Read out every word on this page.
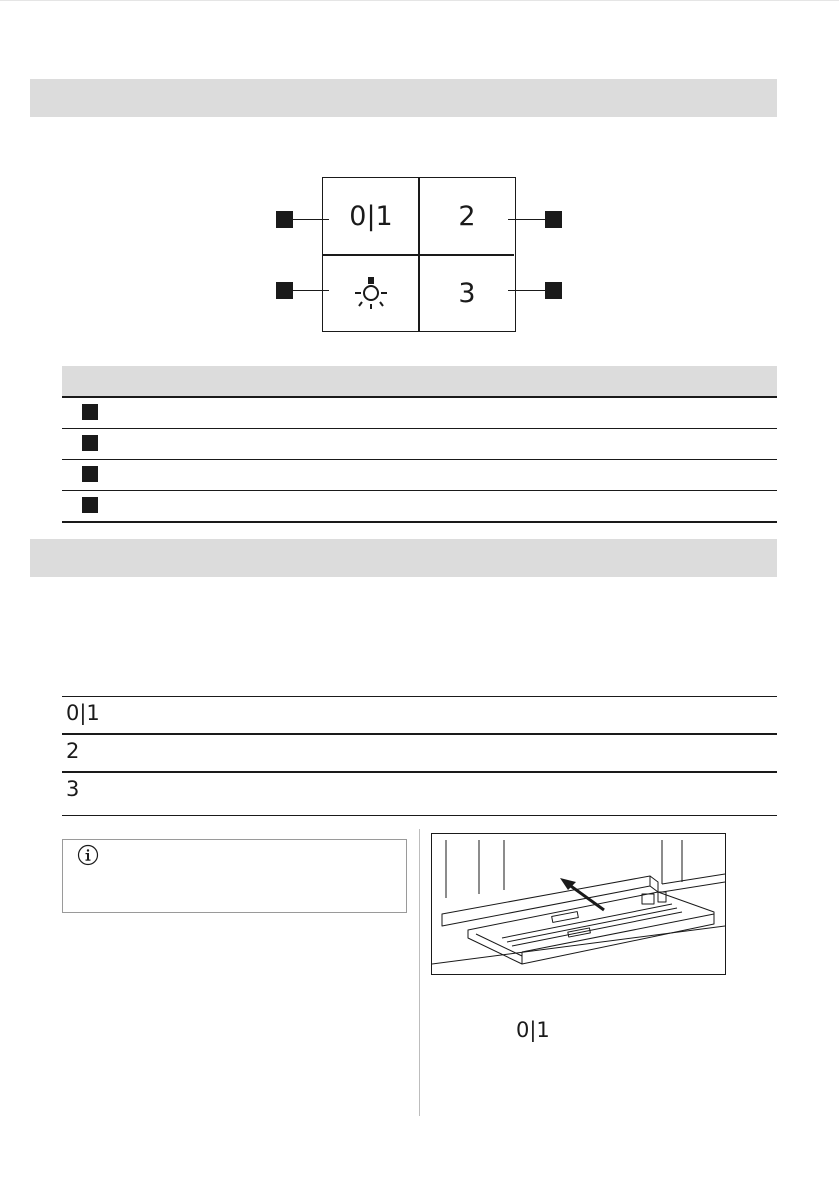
0|1	2
3
0|1
2
3
0|1
